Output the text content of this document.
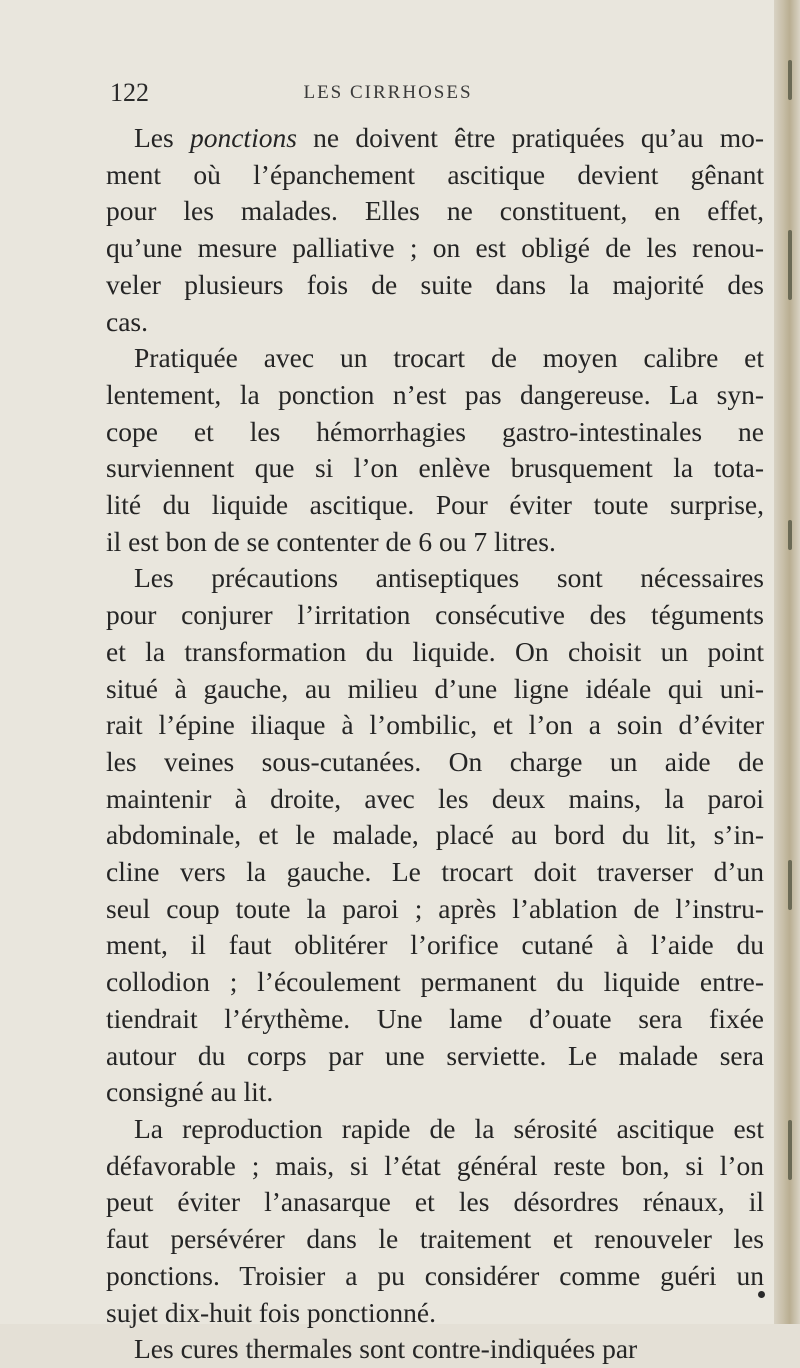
122	LES CIRRHOSES
Les ponctions ne doivent être pratiquées qu’au mo-
ment où l’épanchement ascitique devient gênant
pour les malades. Elles ne constituent, en effet,
qu’une mesure palliative ; on est obligé de les renou-
veler plusieurs fois de suite dans la majorité des
cas.
Pratiquée avec un trocart de moyen calibre et
lentement, la ponction n’est pas dangereuse. La syn-
cope et les hémorrhagies gastro-intestinales ne
surviennent que si l’on enlève brusquement la tota-
lité du liquide ascitique. Pour éviter toute surprise,
il est bon de se contenter de 6 ou 7 litres.
Les précautions antiseptiques sont nécessaires
pour conjurer l’irritation consécutive des téguments
et la transformation du liquide. On choisit un point
situé à gauche, au milieu d’une ligne idéale qui uni-
rait l’épine iliaque à l’ombilic, et l’on a soin d’éviter
les veines sous-cutanées. On charge un aide de
maintenir à droite, avec les deux mains, la paroi
abdominale, et le malade, placé au bord du lit, s’in-
cline vers la gauche. Le trocart doit traverser d’un
seul coup toute la paroi ; après l’ablation de l’instru-
ment, il faut oblitérer l’orifice cutané à l’aide du
collodion ; l’écoulement permanent du liquide entre-
tiendrait l’érythème. Une lame d’ouate sera fixée
autour du corps par une serviette. Le malade sera
consigné au lit.
La reproduction rapide de la sérosité ascitique est
défavorable ; mais, si l’état général reste bon, si l’on
peut éviter l’anasarque et les désordres rénaux, il
faut persévérer dans le traitement et renouveler les
ponctions. Troisier a pu considérer comme guéri un
sujet dix-huit fois ponctionné.
Les cures thermales sont contre-indiquées par
